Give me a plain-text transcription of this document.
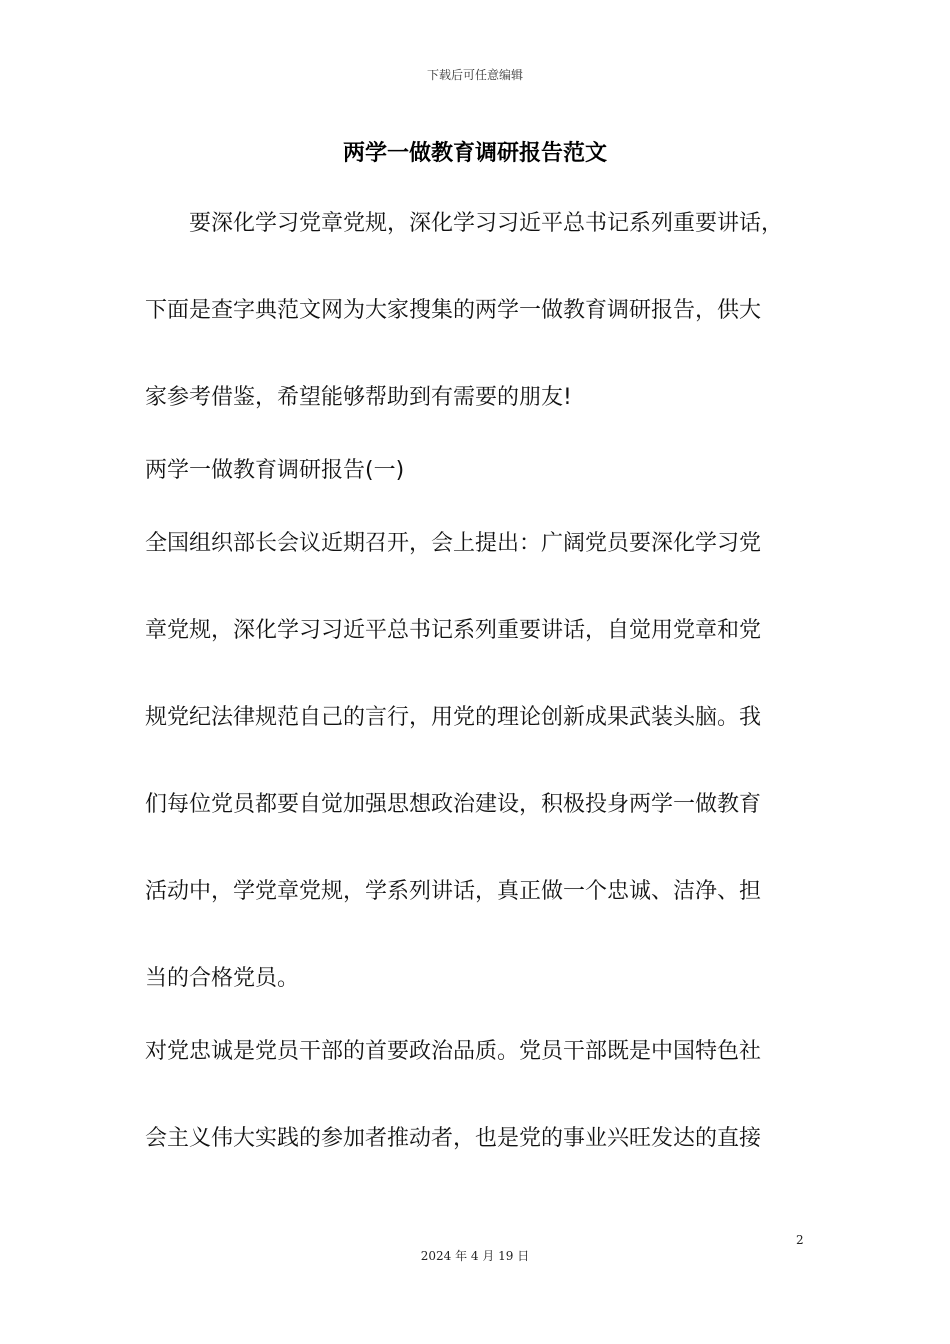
下载后可任意编辑
两学一做教育调研报告范文
　　要深化学习党章党规，深化学习习近平总书记系列重要讲话，
下面是查字典范文网为大家搜集的两学一做教育调研报告，供大
家参考借鉴，希望能够帮助到有需要的朋友!
两学一做教育调研报告(一)
全国组织部长会议近期召开，会上提出：广阔党员要深化学习党
章党规，深化学习习近平总书记系列重要讲话，自觉用党章和党
规党纪法律规范自己的言行，用党的理论创新成果武装头脑。我
们每位党员都要自觉加强思想政治建设，积极投身两学一做教育
活动中，学党章党规，学系列讲话，真正做一个忠诚、洁净、担
当的合格党员。
对党忠诚是党员干部的首要政治品质。党员干部既是中国特色社
会主义伟大实践的参加者推动者，也是党的事业兴旺发达的直接
2
2024 年 4 月 19 日
